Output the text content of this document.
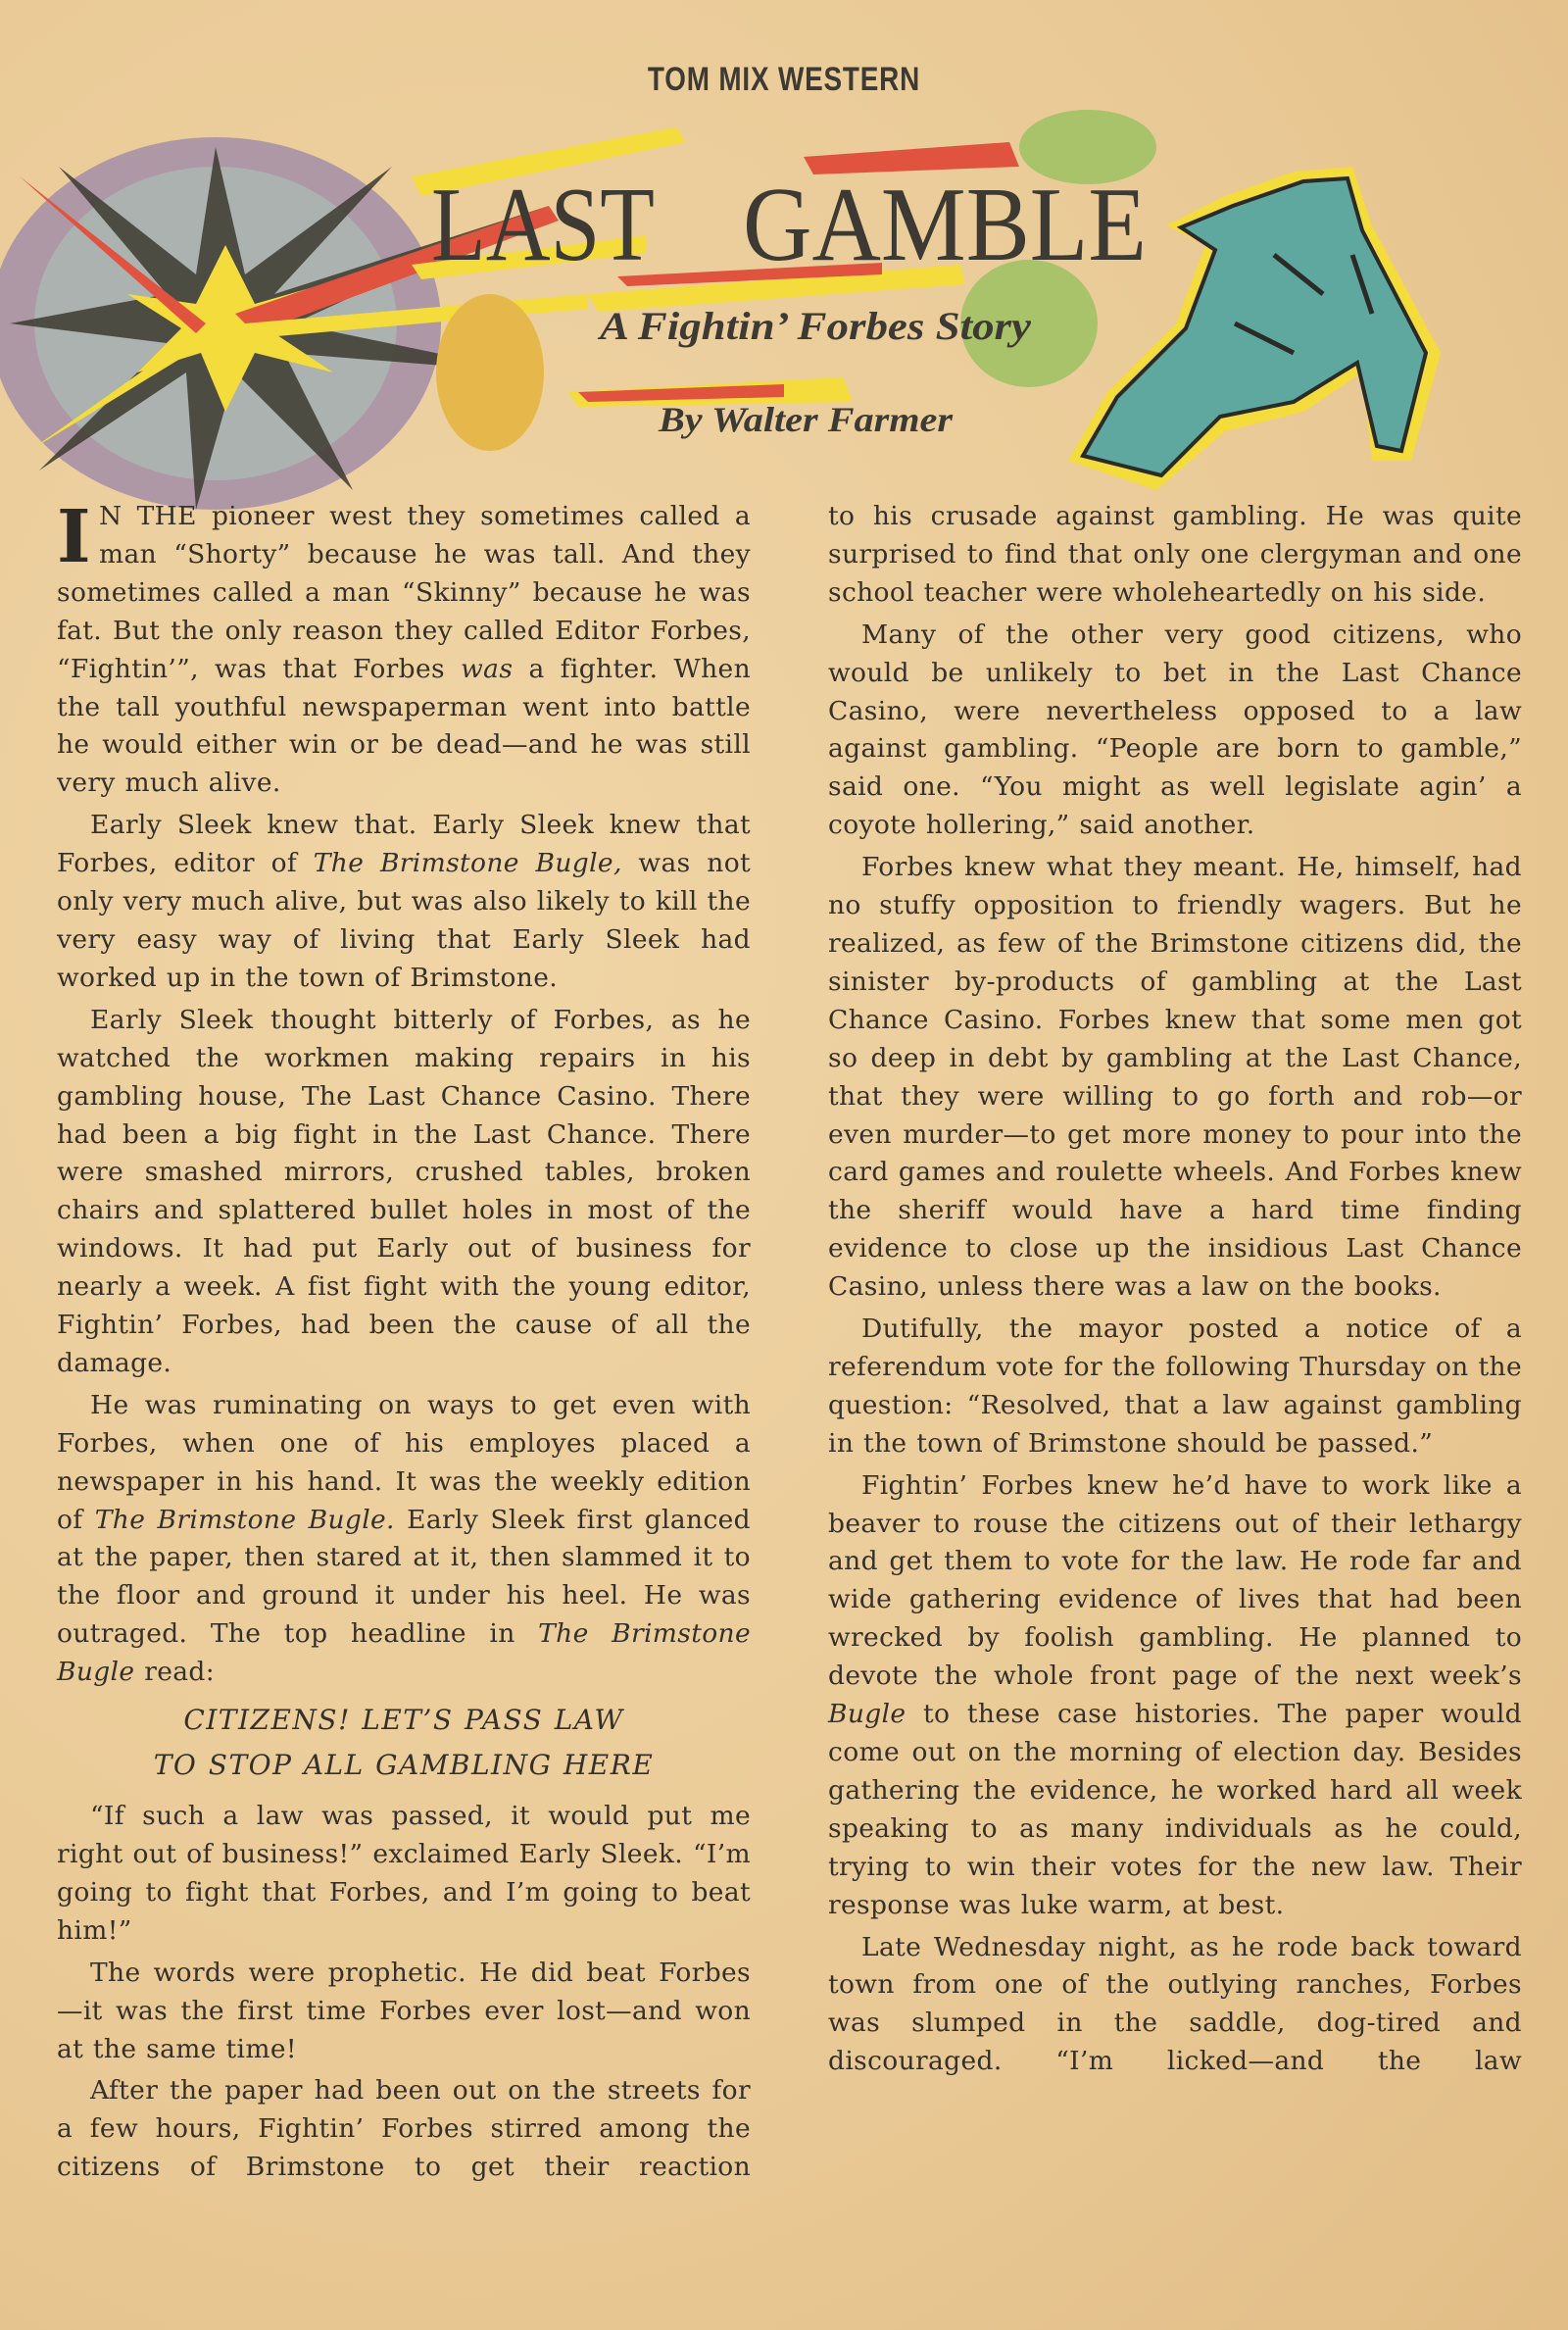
TOM MIX WESTERN
LAST GAMBLE
A Fightin’ Forbes Story
By Walter Farmer
I N THE pioneer west they sometimes called a man “Shorty” because he was tall. And they sometimes called a man “Skinny” because he was fat. But the only reason they called Editor Forbes, “Fightin’”, was that Forbes was a fighter. When the tall youthful newspaperman went into battle he would either win or be dead—and he was still very much alive.

Early Sleek knew that. Early Sleek knew that Forbes, editor of The Brimstone Bugle, was not only very much alive, but was also likely to kill the very easy way of living that Early Sleek had worked up in the town of Brimstone.

Early Sleek thought bitterly of Forbes, as he watched the workmen making repairs in his gambling house, The Last Chance Casino. There had been a big fight in the Last Chance. There were smashed mirrors, crushed tables, broken chairs and splattered bullet holes in most of the windows. It had put Early out of business for nearly a week. A fist fight with the young editor, Fightin’ Forbes, had been the cause of all the damage.

He was ruminating on ways to get even with Forbes, when one of his employes placed a newspaper in his hand. It was the weekly edition of The Brimstone Bugle. Early Sleek first glanced at the paper, then stared at it, then slammed it to the floor and ground it under his heel. He was outraged. The top headline in The Brimstone Bugle read:

CITIZENS! LET’S PASS LAW
TO STOP ALL GAMBLING HERE

“If such a law was passed, it would put me right out of business!” exclaimed Early Sleek. “I’m going to fight that Forbes, and I’m going to beat him!”

The words were prophetic. He did beat Forbes—it was the first time Forbes ever lost—and won at the same time!

After the paper had been out on the streets for a few hours, Fightin’ Forbes stirred among the citizens of Brimstone to get their reaction

to his crusade against gambling. He was quite surprised to find that only one clergyman and one school teacher were wholeheartedly on his side.

Many of the other very good citizens, who would be unlikely to bet in the Last Chance Casino, were nevertheless opposed to a law against gambling. “People are born to gamble,” said one. “You might as well legislate agin’ a coyote hollering,” said another.

Forbes knew what they meant. He, himself, had no stuffy opposition to friendly wagers. But he realized, as few of the Brimstone citizens did, the sinister by-products of gambling at the Last Chance Casino. Forbes knew that some men got so deep in debt by gambling at the Last Chance, that they were willing to go forth and rob—or even murder—to get more money to pour into the card games and roulette wheels. And Forbes knew the sheriff would have a hard time finding evidence to close up the insidious Last Chance Casino, unless there was a law on the books.

Dutifully, the mayor posted a notice of a referendum vote for the following Thursday on the question: “Resolved, that a law against gambling in the town of Brimstone should be passed.”

Fightin’ Forbes knew he’d have to work like a beaver to rouse the citizens out of their lethargy and get them to vote for the law. He rode far and wide gathering evidence of lives that had been wrecked by foolish gambling. He planned to devote the whole front page of the next week’s Bugle to these case histories. The paper would come out on the morning of election day. Besides gathering the evidence, he worked hard all week speaking to as many individuals as he could, trying to win their votes for the new law. Their response was luke warm, at best.

Late Wednesday night, as he rode back toward town from one of the outlying ranches, Forbes was slumped in the saddle, dog-tired and discouraged. “I’m licked—and the law
